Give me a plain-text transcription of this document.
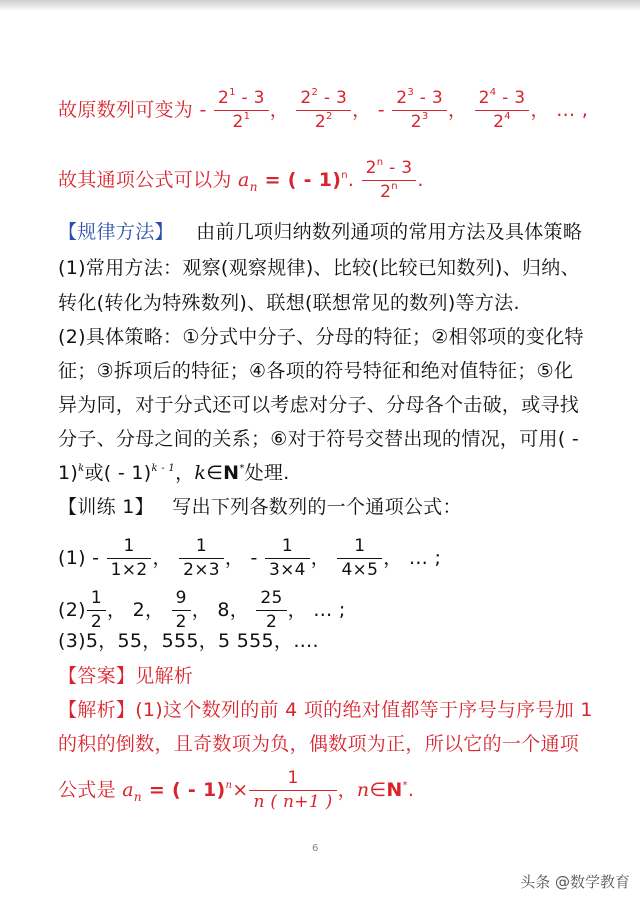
故原数列可变为 - $\frac{2^1 - 3}{2^1}$ ， $\frac{2^2 - 3}{2^2}$ ， - $\frac{2^3 - 3}{2^3}$ ， $\frac{2^4 - 3}{2^4}$ ， … ,
故其通项公式可以为 $a_n$ = ( - 1)$^n$. $\frac{2^n - 3}{2^n}$ .
【规律方法】 由前几项归纳数列通项的常用方法及具体策略
(1)常用方法：观察(观察规律)、比较(比较已知数列)、归纳、
转化(转化为特殊数列)、联想(联想常见的数列)等方法.
(2)具体策略：①分式中分子、分母的特征；②相邻项的变化特
征；③拆项后的特征；④各项的符号特征和绝对值特征；⑤化
异为同，对于分式还可以考虑对分子、分母各个击破，或寻找
分子、分母之间的关系；⑥对于符号交替出现的情况，可用( -
1)$^k$或( - 1)$^{k - 1}$，k∈N*处理.
【训练 1】 写出下列各数列的一个通项公式：
$(1) - \frac{1}{1\times 2}$ ， $\frac{1}{2\times 3}$ ， - $\frac{1}{3\times 4}$ ， $\frac{1}{4\times 5}$ ， … ;
$(2) \frac{1}{2}$ ， 2， $\frac{9}{2}$ ， 8， $\frac{25}{2}$ ， … ;
(3)5，55，555，5 555，….
【答案】见解析
【解析】(1)这个数列的前 4 项的绝对值都等于序号与序号加 1
的积的倒数，且奇数项为负，偶数项为正，所以它的一个通项
公式是 $a_n$ = ( - $1)^n\times \frac{1}{n ( n+1 )}$ ，n∈N*.
6
头条 @数学教育
